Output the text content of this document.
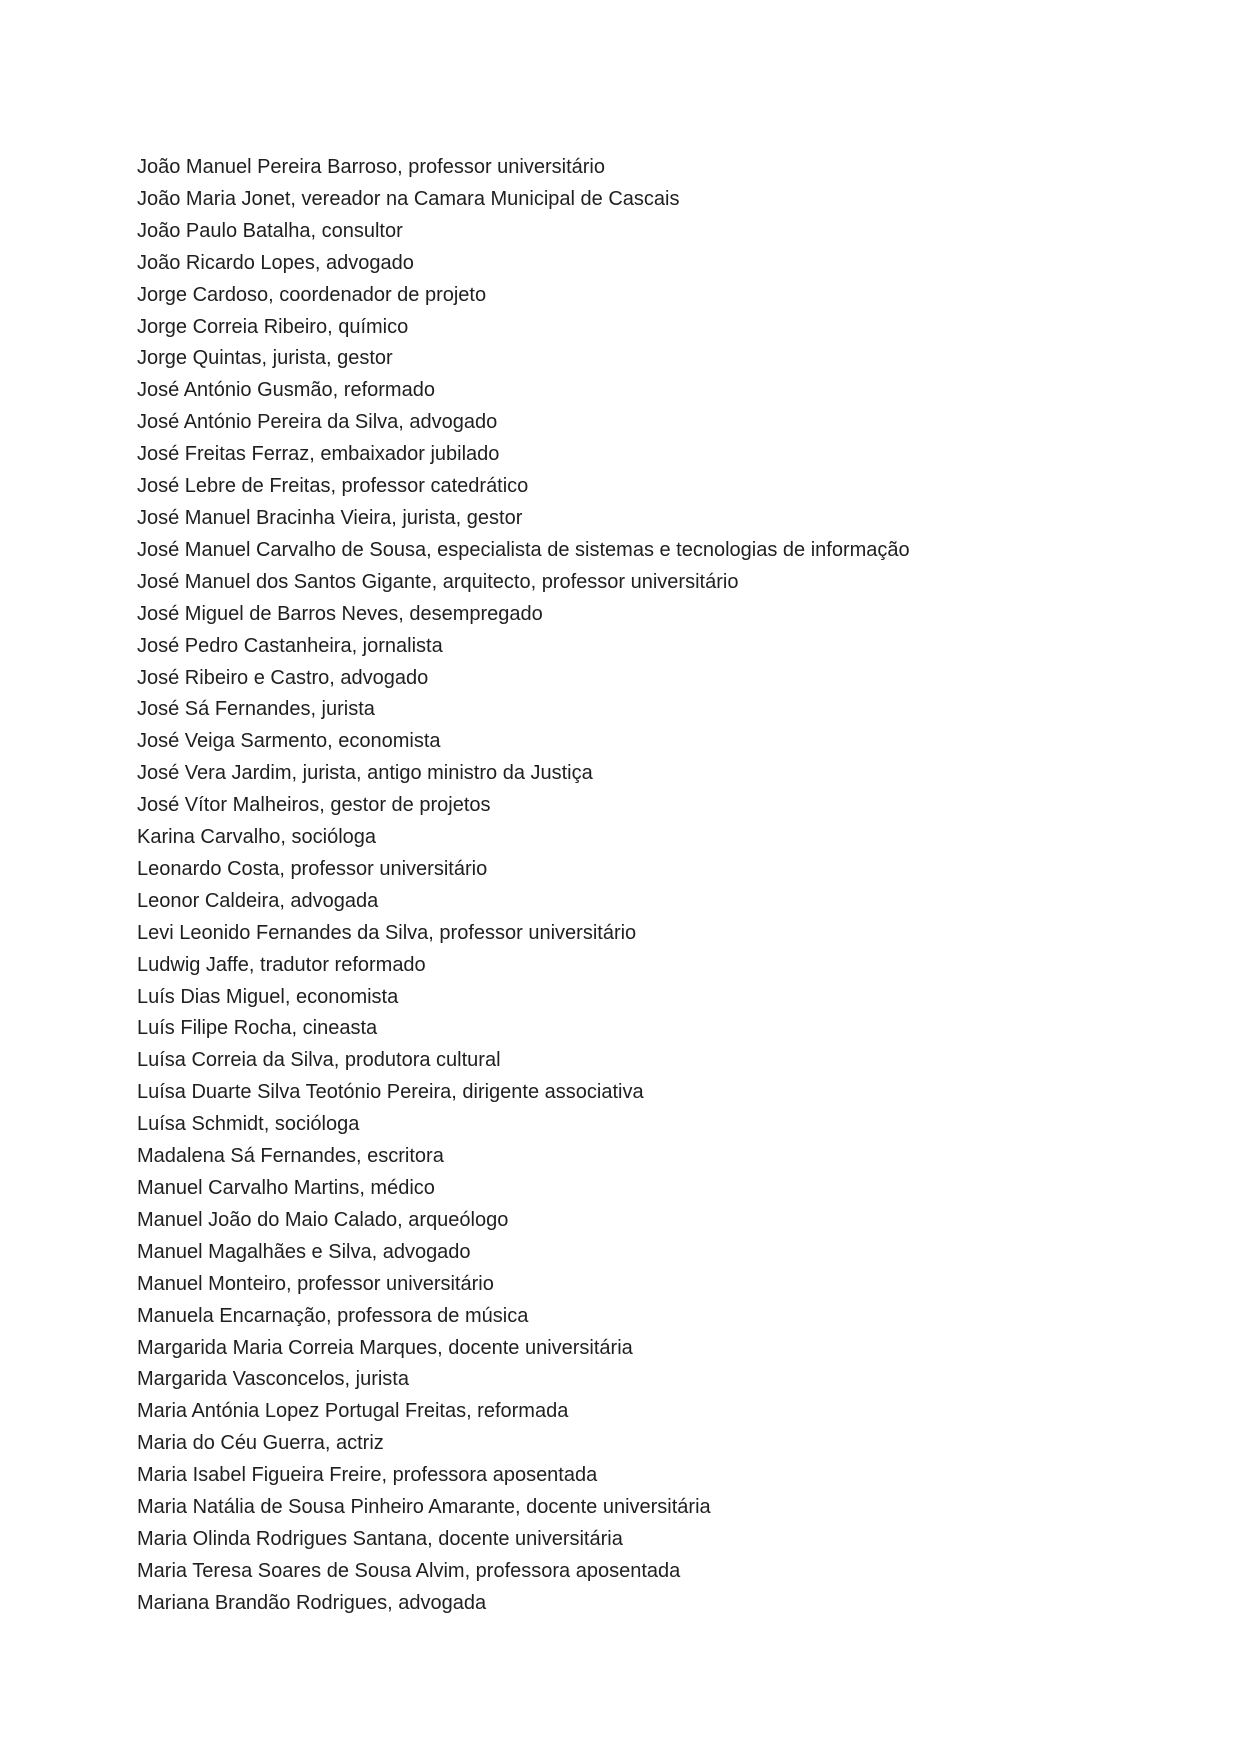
João Manuel Pereira Barroso, professor universitário
João Maria Jonet, vereador na Camara Municipal de Cascais
João Paulo Batalha, consultor
João Ricardo Lopes, advogado
Jorge Cardoso, coordenador de projeto
Jorge Correia Ribeiro, químico
Jorge Quintas, jurista, gestor
José António Gusmão, reformado
José António Pereira da Silva, advogado
José Freitas Ferraz, embaixador jubilado
José Lebre de Freitas, professor catedrático
José Manuel Bracinha Vieira, jurista, gestor
José Manuel Carvalho de Sousa, especialista de sistemas e tecnologias de informação
José Manuel dos Santos Gigante, arquitecto, professor universitário
José Miguel de Barros Neves, desempregado
José Pedro Castanheira, jornalista
José Ribeiro e Castro, advogado
José Sá Fernandes, jurista
José Veiga Sarmento, economista
José Vera Jardim, jurista, antigo ministro da Justiça
José Vítor Malheiros, gestor de projetos
Karina Carvalho, socióloga
Leonardo Costa, professor universitário
Leonor Caldeira, advogada
Levi Leonido Fernandes da Silva, professor universitário
Ludwig Jaffe, tradutor reformado
Luís Dias Miguel, economista
Luís Filipe Rocha, cineasta
Luísa Correia da Silva, produtora cultural
Luísa Duarte Silva Teotónio Pereira, dirigente associativa
Luísa Schmidt, socióloga
Madalena Sá Fernandes, escritora
Manuel Carvalho Martins, médico
Manuel João do Maio Calado, arqueólogo
Manuel Magalhães e Silva, advogado
Manuel Monteiro, professor universitário
Manuela Encarnação, professora de música
Margarida Maria Correia Marques, docente universitária
Margarida Vasconcelos, jurista
Maria Antónia Lopez Portugal Freitas, reformada
Maria do Céu Guerra, actriz
Maria Isabel Figueira Freire, professora aposentada
Maria Natália de Sousa Pinheiro Amarante, docente universitária
Maria Olinda Rodrigues Santana, docente universitária
Maria Teresa Soares de Sousa Alvim, professora aposentada
Mariana Brandão Rodrigues, advogada
